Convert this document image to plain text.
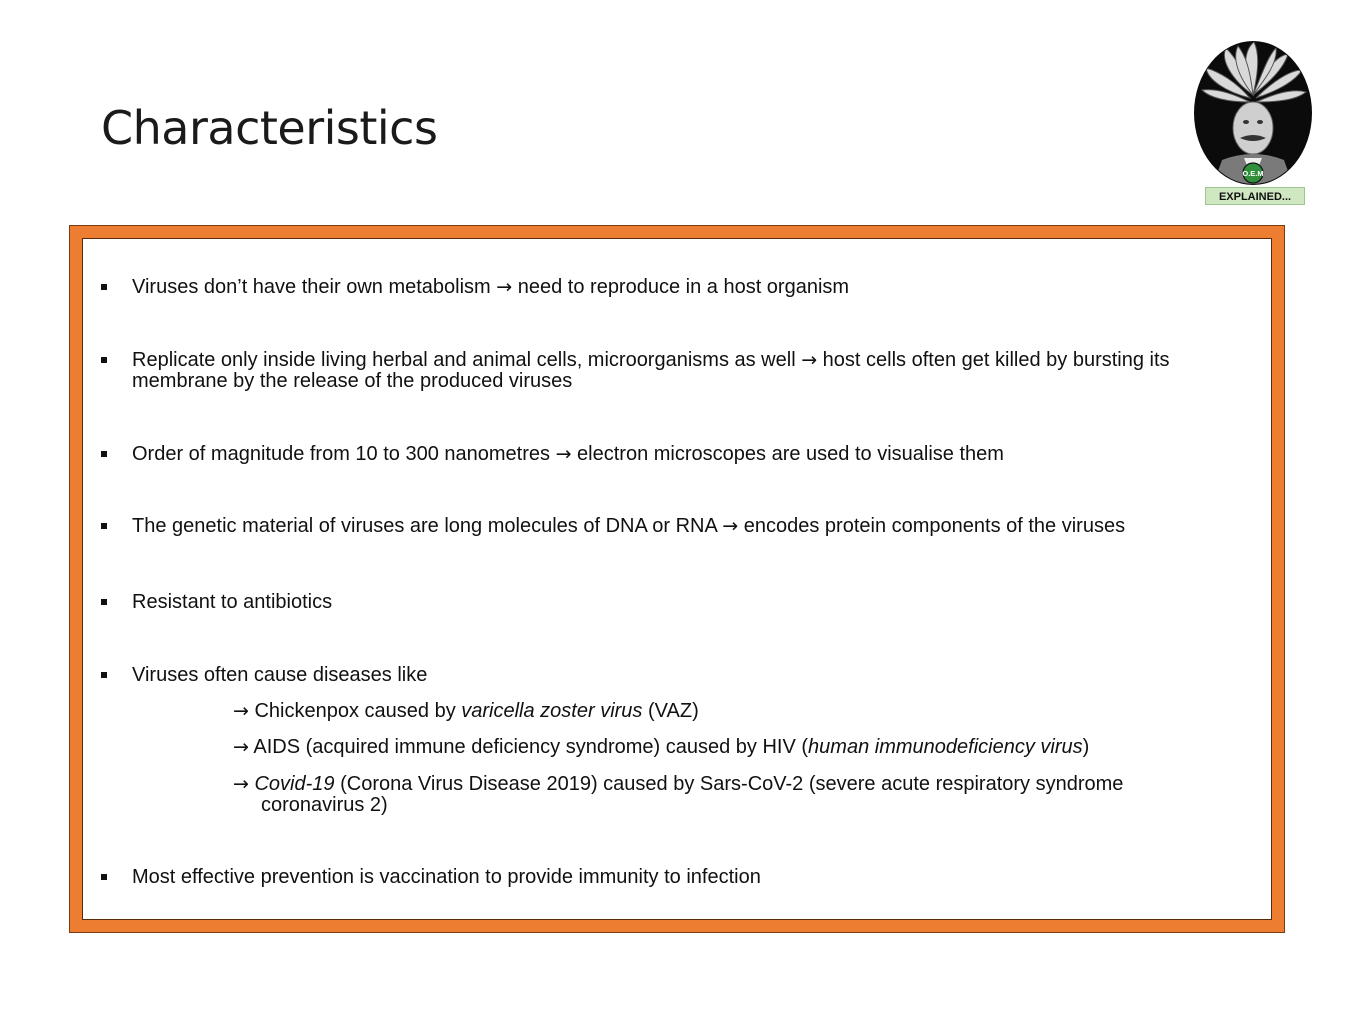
Characteristics
O.E.M
EXPLAINED...
Viruses don’t have their own metabolism → need to reproduce in a host organism
Replicate only inside living herbal and animal cells, microorganisms as well → host cells often get killed by bursting its membrane by the release of the produced viruses
Order of magnitude from 10 to 300 nanometres → electron microscopes are used to visualise them
The genetic material of viruses are long molecules of DNA or RNA → encodes protein components of the viruses
Resistant to antibiotics
Viruses often cause diseases like
→ Chickenpox caused by varicella zoster virus (VAZ)
→ AIDS (acquired immune deficiency syndrome) caused by HIV (human immunodeficiency virus)
→ Covid-19 (Corona Virus Disease 2019) caused by Sars-CoV-2 (severe acute respiratory syndrome
coronavirus 2)
Most effective prevention is vaccination to provide immunity to infection
